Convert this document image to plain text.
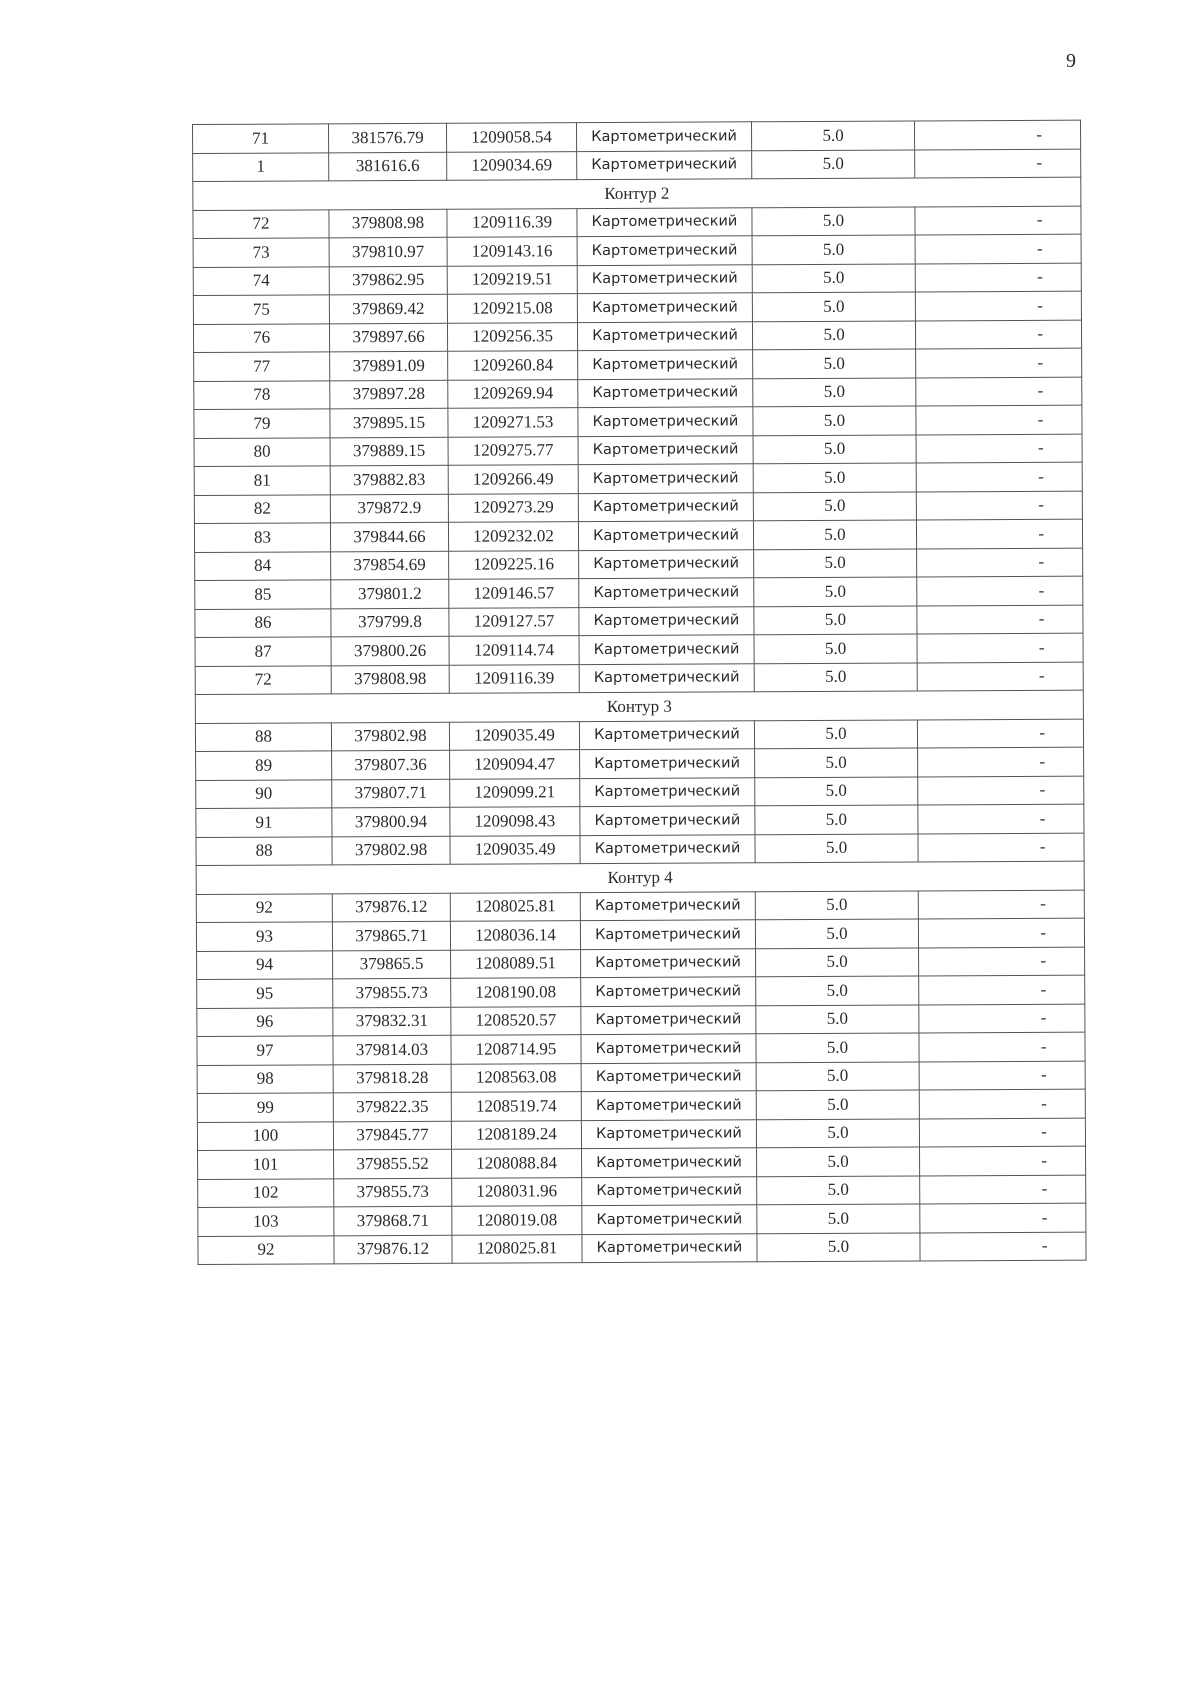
9
71	381576.79	1209058.54	Картометрический	5.0	-
1	381616.6	1209034.69	Картометрический	5.0	-
Контур 2					
72	379808.98	1209116.39	Картометрический	5.0	-
73	379810.97	1209143.16	Картометрический	5.0	-
74	379862.95	1209219.51	Картометрический	5.0	-
75	379869.42	1209215.08	Картометрический	5.0	-
76	379897.66	1209256.35	Картометрический	5.0	-
77	379891.09	1209260.84	Картометрический	5.0	-
78	379897.28	1209269.94	Картометрический	5.0	-
79	379895.15	1209271.53	Картометрический	5.0	-
80	379889.15	1209275.77	Картометрический	5.0	-
81	379882.83	1209266.49	Картометрический	5.0	-
82	379872.9	1209273.29	Картометрический	5.0	-
83	379844.66	1209232.02	Картометрический	5.0	-
84	379854.69	1209225.16	Картометрический	5.0	-
85	379801.2	1209146.57	Картометрический	5.0	-
86	379799.8	1209127.57	Картометрический	5.0	-
87	379800.26	1209114.74	Картометрический	5.0	-
72	379808.98	1209116.39	Картометрический	5.0	-
Контур 3					
88	379802.98	1209035.49	Картометрический	5.0	-
89	379807.36	1209094.47	Картометрический	5.0	-
90	379807.71	1209099.21	Картометрический	5.0	-
91	379800.94	1209098.43	Картометрический	5.0	-
88	379802.98	1209035.49	Картометрический	5.0	-
Контур 4					
92	379876.12	1208025.81	Картометрический	5.0	-
93	379865.71	1208036.14	Картометрический	5.0	-
94	379865.5	1208089.51	Картометрический	5.0	-
95	379855.73	1208190.08	Картометрический	5.0	-
96	379832.31	1208520.57	Картометрический	5.0	-
97	379814.03	1208714.95	Картометрический	5.0	-
98	379818.28	1208563.08	Картометрический	5.0	-
99	379822.35	1208519.74	Картометрический	5.0	-
100	379845.77	1208189.24	Картометрический	5.0	-
101	379855.52	1208088.84	Картометрический	5.0	-
102	379855.73	1208031.96	Картометрический	5.0	-
103	379868.71	1208019.08	Картометрический	5.0	-
92	379876.12	1208025.81	Картометрический	5.0	-
